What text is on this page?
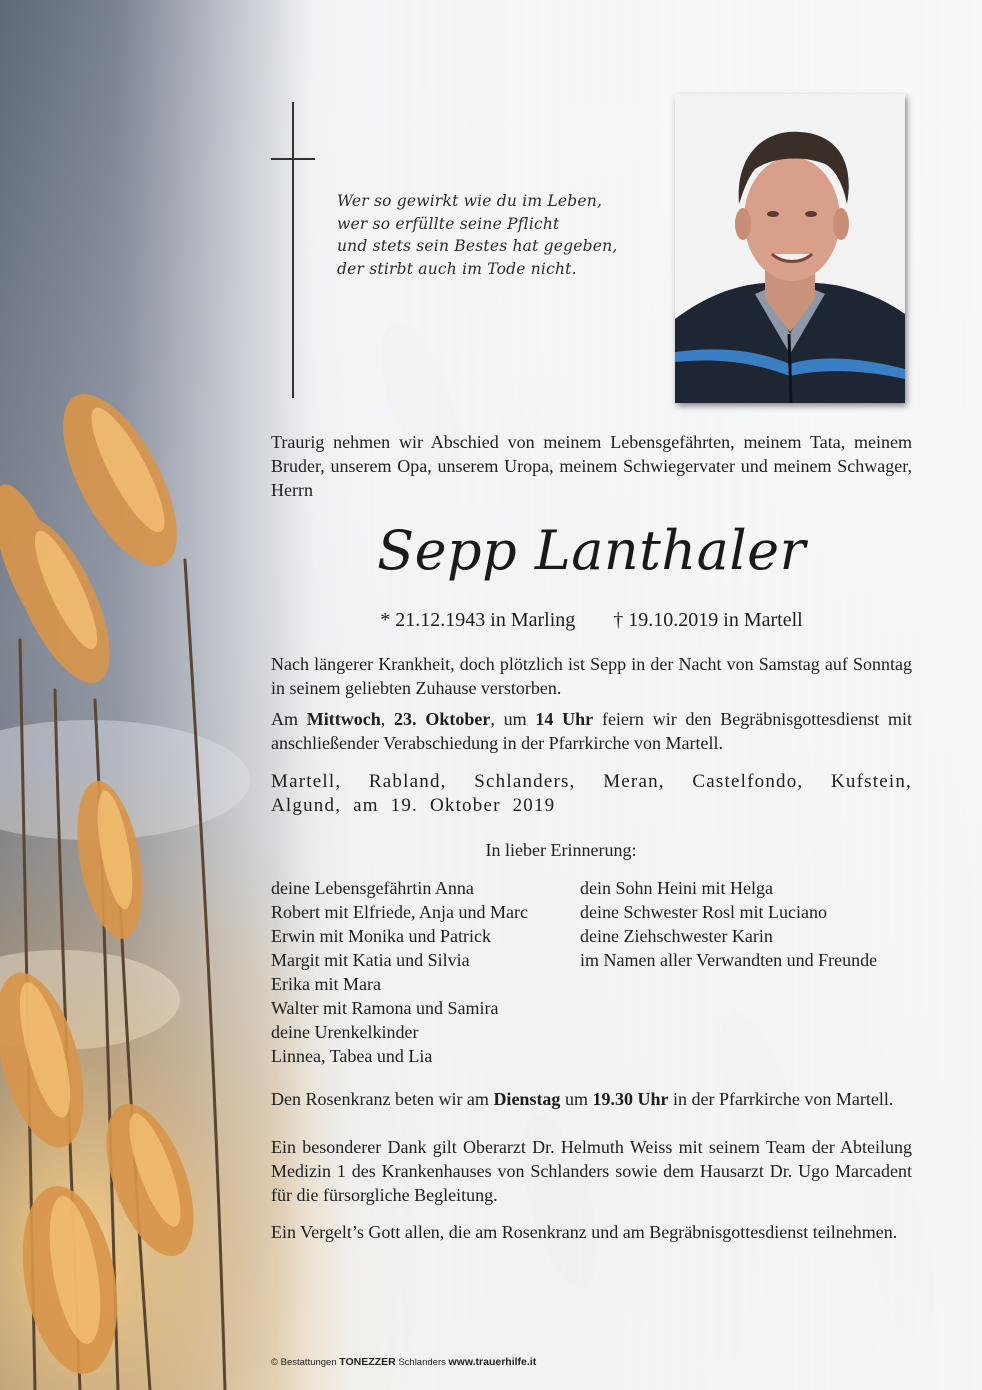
Wer so gewirkt wie du im Leben,
wer so erfüllte seine Pflicht
und stets sein Bestes hat gegeben,
der stirbt auch im Tode nicht.
Traurig nehmen wir Abschied von meinem Lebensgefährten, meinem Tata, meinem Bruder, unserem Opa, unserem Uropa, meinem Schwiegervater und meinem Schwager, Herrn
Sepp Lanthaler
* 21.12.1943 in Marling † 19.10.2019 in Martell
Nach längerer Krankheit, doch plötzlich ist Sepp in der Nacht von Samstag auf Sonntag in seinem geliebten Zuhause verstorben.
Am Mittwoch, 23. Oktober, um 14 Uhr feiern wir den Begräbnisgottesdienst mit anschließender Verabschiedung in der Pfarrkirche von Martell.
Martell, Rabland, Schlanders, Meran, Castelfondo, Kufstein, Algund, am 19. Oktober 2019
In lieber Erinnerung:
deine Lebensgefährtin Anna
Robert mit Elfriede, Anja und Marc
Erwin mit Monika und Patrick
Margit mit Katia und Silvia
Erika mit Mara
Walter mit Ramona und Samira
deine Urenkelkinder
Linnea, Tabea und Lia
dein Sohn Heini mit Helga
deine Schwester Rosl mit Luciano
deine Ziehschwester Karin
im Namen aller Verwandten und Freunde
Den Rosenkranz beten wir am Dienstag um 19.30 Uhr in der Pfarrkirche von Martell.
Ein besonderer Dank gilt Oberarzt Dr. Helmuth Weiss mit seinem Team der Abteilung Medizin 1 des Krankenhauses von Schlanders sowie dem Hausarzt Dr. Ugo Marcadent für die fürsorgliche Begleitung.
Ein Vergelt’s Gott allen, die am Rosenkranz und am Begräbnisgottesdienst teilnehmen.
© Bestattungen TONEZZER Schlanders www.trauerhilfe.it
